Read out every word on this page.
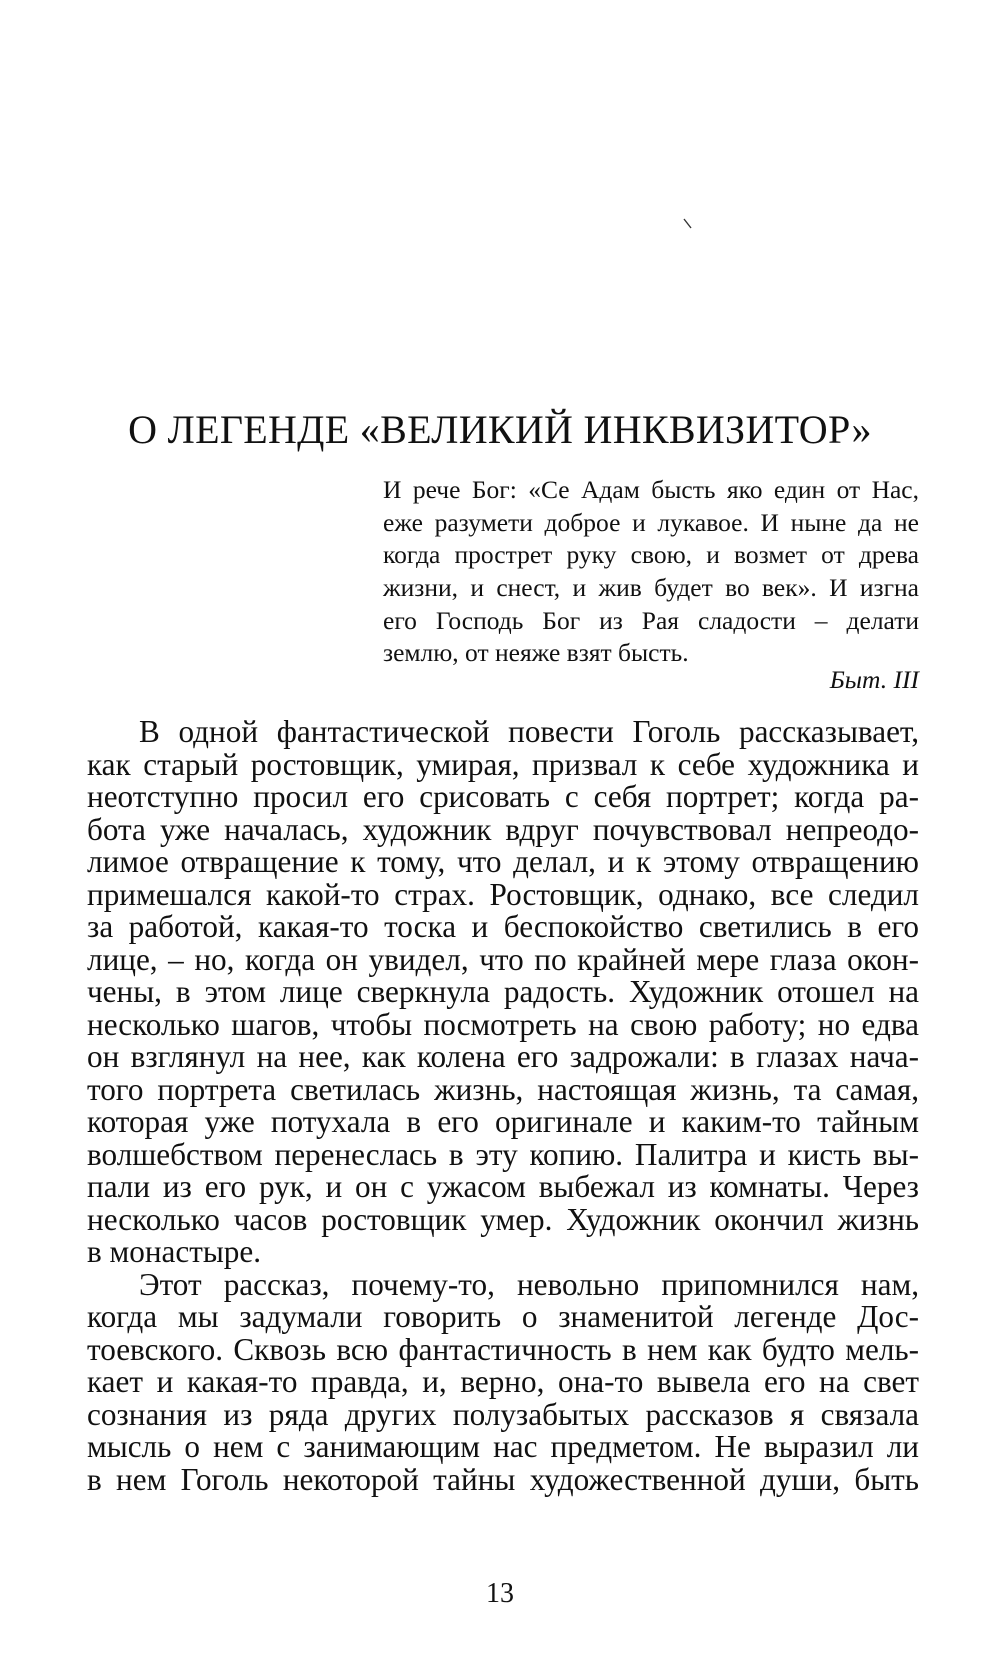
О ЛЕГЕНДЕ «ВЕЛИКИЙ ИНКВИЗИТОР»
И рече Бог: «Се Адам бысть яко един от Нас,
еже разумети доброе и лукавое. И ныне да не
когда прострет руку свою, и возмет от древа
жизни, и снест, и жив будет во век». И изгна
его Господь Бог из Рая сладости – делати
землю, от неяже взят бысть.
Быт. III
В одной фантастической повести Гоголь рассказывает,
как старый ростовщик, умирая, призвал к себе художника и
неотступно просил его срисовать с себя портрет; когда ра-
бота уже началась, художник вдруг почувствовал непреодо-
лимое отвращение к тому, что делал, и к этому отвращению
примешался какой-то страх. Ростовщик, однако, все следил
за работой, какая-то тоска и беспокойство светились в его
лице, – но, когда он увидел, что по крайней мере глаза окон-
чены, в этом лице сверкнула радость. Художник отошел на
несколько шагов, чтобы посмотреть на свою работу; но едва
он взглянул на нее, как колена его задрожали: в глазах нача-
того портрета светилась жизнь, настоящая жизнь, та самая,
которая уже потухала в его оригинале и каким-то тайным
волшебством перенеслась в эту копию. Палитра и кисть вы-
пали из его рук, и он с ужасом выбежал из комнаты. Через
несколько часов ростовщик умер. Художник окончил жизнь
в монастыре.
Этот рассказ, почему-то, невольно припомнился нам,
когда мы задумали говорить о знаменитой легенде Дос-
тоевского. Сквозь всю фантастичность в нем как будто мель-
кает и какая-то правда, и, верно, она-то вывела его на свет
сознания из ряда других полузабытых рассказов я связала
мысль о нем с занимающим нас предметом. Не выразил ли
в нем Гоголь некоторой тайны художественной души, быть
13
